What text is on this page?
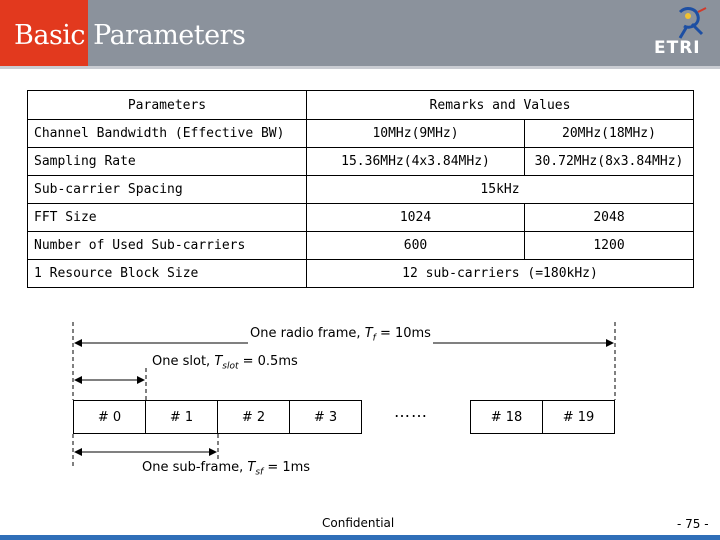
Basic Parameters	ETRI
Parameters	Remarks and Values	
Channel Bandwidth (Effective BW)	10MHz(9MHz)	20MHz(18MHz)
Sampling Rate	15.36MHz(4x3.84MHz)	30.72MHz(8x3.84MHz)
Sub-carrier Spacing	15kHz	
FFT Size	1024	2048
Number of Used Sub-carriers	600	1200
1 Resource Block Size	12 sub-carriers (=180kHz)	
One radio frame, $T_f = 10ms$
One slot, $T_{slot} = 0.5ms$
One sub-frame, $T_{sf} = 1ms$
# 0	# 1	# 2	# 3	……	# 18	# 19
Confidential	- 75 -
